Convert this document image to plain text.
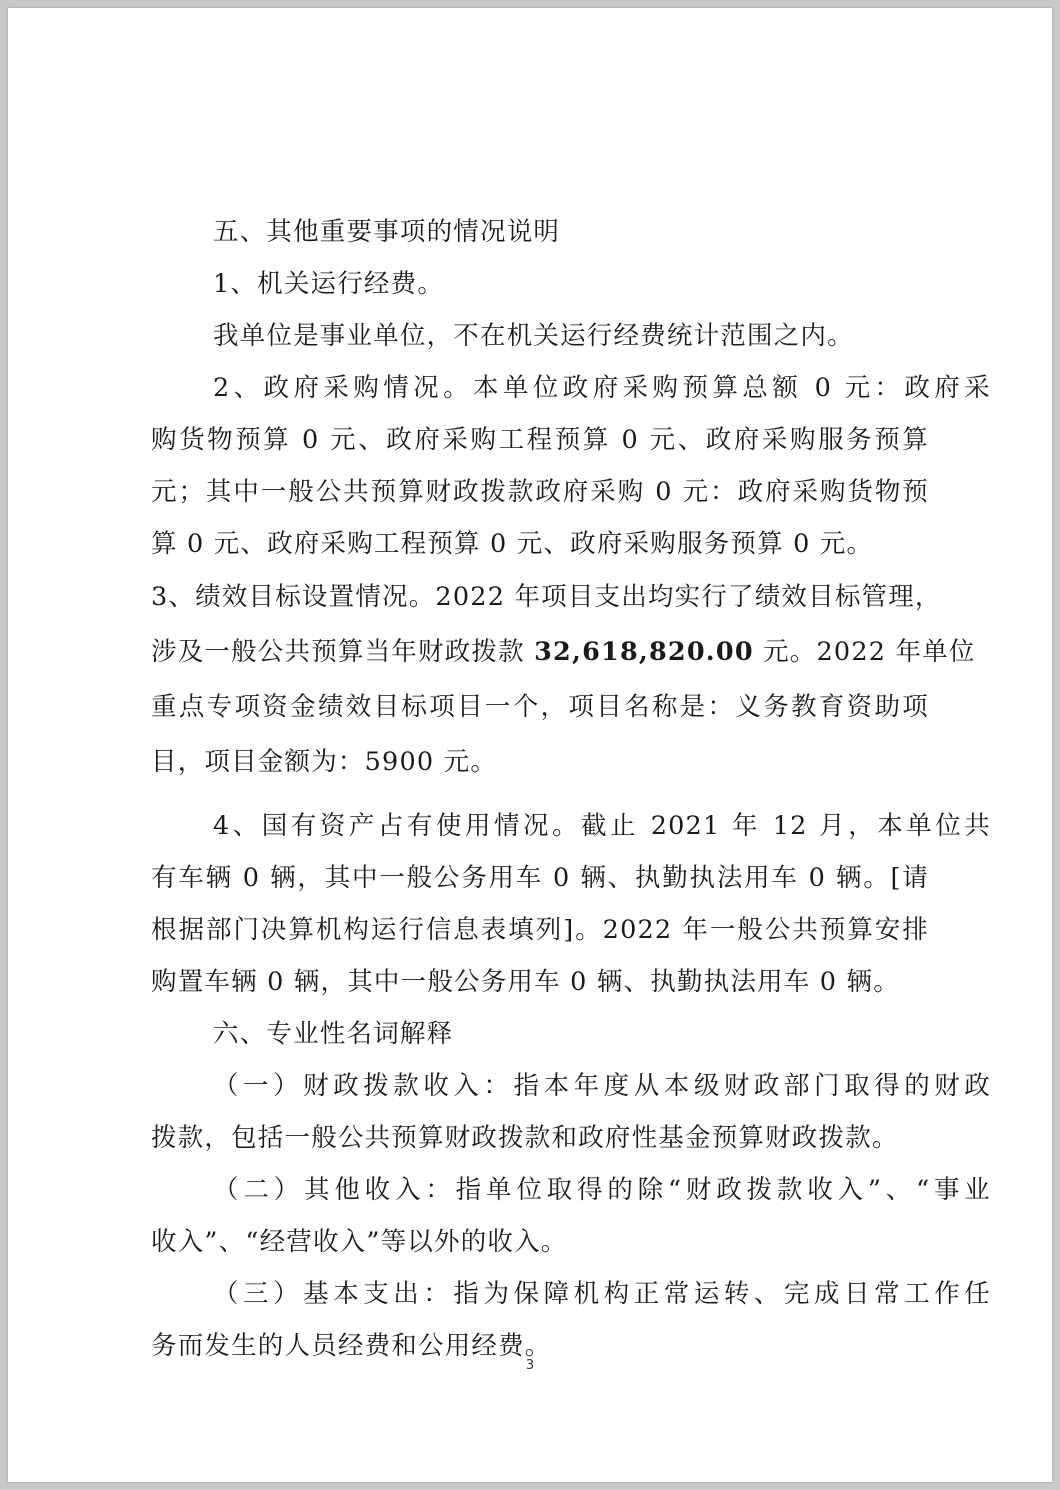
五、其他重要事项的情况说明
1、机关运行经费。
我单位是事业单位，不在机关运行经费统计范围之内。
2、政府采购情况。本单位政府采购预算总额 0 元：政府采
购货物预算 0 元、政府采购工程预算 0 元、政府采购服务预算
元；其中一般公共预算财政拨款政府采购 0 元：政府采购货物预
算 0 元、政府采购工程预算 0 元、政府采购服务预算 0 元。
3、绩效目标设置情况。2022 年项目支出均实行了绩效目标管理，
涉及一般公共预算当年财政拨款 32,618,820.00 元。2022 年单位
重点专项资金绩效目标项目一个，项目名称是：义务教育资助项
目，项目金额为：5900 元。
4、国有资产占有使用情况。截止 2021 年 12 月，本单位共
有车辆 0 辆，其中一般公务用车 0 辆、执勤执法用车 0 辆。[请
根据部门决算机构运行信息表填列]。2022 年一般公共预算安排
购置车辆 0 辆，其中一般公务用车 0 辆、执勤执法用车 0 辆。
六、专业性名词解释
（一）财政拨款收入：指本年度从本级财政部门取得的财政
拨款，包括一般公共预算财政拨款和政府性基金预算财政拨款。
（二）其他收入：指单位取得的除“财政拨款收入”、“事业
收入”、“经营收入”等以外的收入。
（三）基本支出：指为保障机构正常运转、完成日常工作任
务而发生的人员经费和公用经费。
3
